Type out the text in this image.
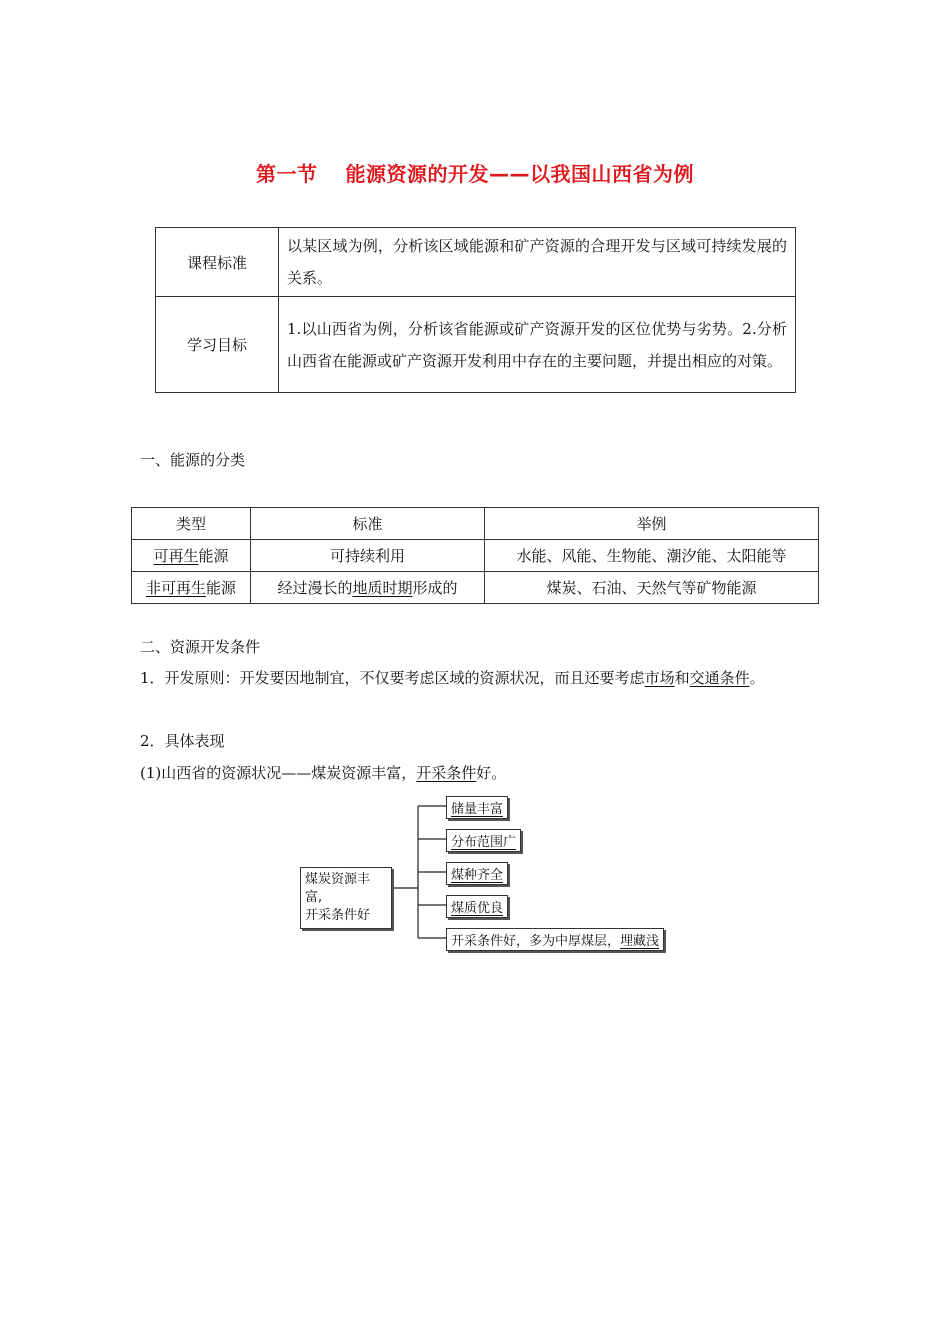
第一节 能源资源的开发——以我国山西省为例
课程标准	以某区域为例，分析该区域能源和矿产资源的合理开发与区域可持续发展的关系。
学习目标	1.以山西省为例，分析该省能源或矿产资源开发的区位优势与劣势。2.分析山西省在能源或矿产资源开发利用中存在的主要问题，并提出相应的对策。
一、能源的分类
类型	标准	举例
可再生能源	可持续利用	水能、风能、生物能、潮汐能、太阳能等
非可再生能源	经过漫长的地质时期形成的	煤炭、石油、天然气等矿物能源
二、资源开发条件
1．开发原则：开发要因地制宜，不仅要考虑区域的资源状况，而且还要考虑市场和交通条件。
2．具体表现
(1)山西省的资源状况——煤炭资源丰富，开采条件好。
煤炭资源丰富,
开采条件好
储量丰富
分布范围广
煤种齐全
煤质优良
开采条件好，多为中厚煤层，埋藏浅
